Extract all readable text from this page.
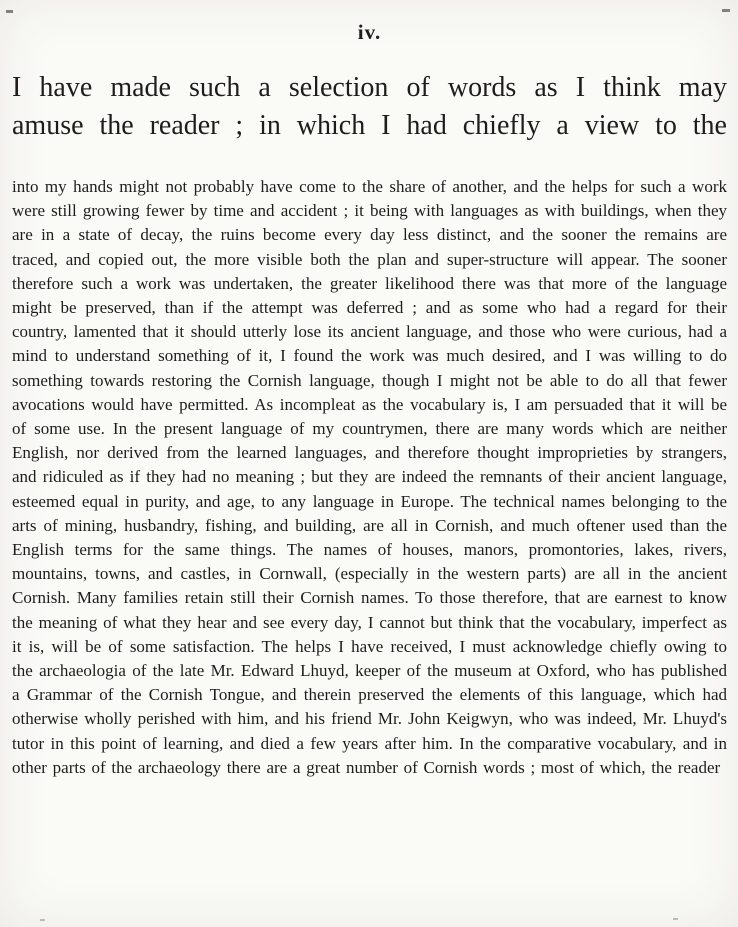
iv.
I have made such a selection of words as I think may
amuse the reader ; in which I had chiefly a view to the
into my hands might not probably have come to the share of another, and the helps for such a work were still growing fewer by time and accident ; it being with languages as with buildings, when they are in a state of decay, the ruins become every day less distinct, and the sooner the remains are traced, and copied out, the more visible both the plan and super-structure will appear. The sooner therefore such a work was undertaken, the greater likelihood there was that more of the language might be preserved, than if the attempt was deferred ; and as some who had a regard for their country, lamented that it should utterly lose its ancient language, and those who were curious, had a mind to understand something of it, I found the work was much desired, and I was willing to do something towards restoring the Cornish language, though I might not be able to do all that fewer avocations would have permitted. As incompleat as the vocabulary is, I am persuaded that it will be of some use. In the present language of my countrymen, there are many words which are neither English, nor derived from the learned languages, and therefore thought improprieties by strangers, and ridiculed as if they had no meaning ; but they are indeed the remnants of their ancient language, esteemed equal in purity, and age, to any language in Europe. The technical names belonging to the arts of mining, husbandry, fishing, and building, are all in Cornish, and much oftener used than the English terms for the same things. The names of houses, manors, promontories, lakes, rivers, mountains, towns, and castles, in Cornwall, (especially in the western parts) are all in the ancient Cornish. Many families retain still their Cornish names. To those therefore, that are earnest to know the meaning of what they hear and see every day, I cannot but think that the vocabulary, imperfect as it is, will be of some satisfaction. The helps I have received, I must acknowledge chiefly owing to the archaeologia of the late Mr. Edward Lhuyd, keeper of the museum at Oxford, who has published a Grammar of the Cornish Tongue, and therein preserved the elements of this language, which had otherwise wholly perished with him, and his friend Mr. John Keigwyn, who was indeed, Mr. Lhuyd's tutor in this point of learning, and died a few years after him. In the comparative vocabulary, and in other parts of the archaeology there are a great number of Cornish words ; most of which, the reader
